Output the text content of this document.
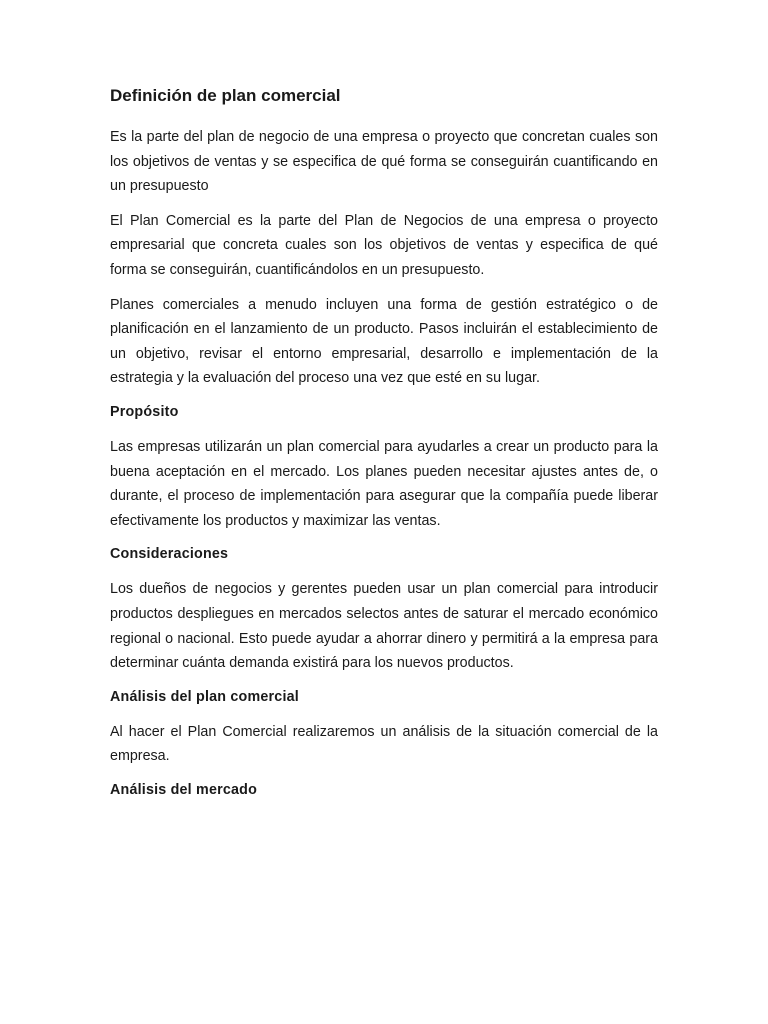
Definición de plan comercial

Es la parte del plan de negocio de una empresa o proyecto que concretan cuales son los objetivos de ventas y se especifica de qué forma se conseguirán cuantificando en un presupuesto

El Plan Comercial es la parte del Plan de Negocios de una empresa o proyecto empresarial que concreta cuales son los objetivos de ventas y especifica de qué forma se conseguirán, cuantificándolos en un presupuesto.

Planes comerciales a menudo incluyen una forma de gestión estratégico o de planificación en el lanzamiento de un producto. Pasos incluirán el establecimiento de un objetivo, revisar el entorno empresarial, desarrollo e implementación de la estrategia y la evaluación del proceso una vez que esté en su lugar.

Propósito

Las empresas utilizarán un plan comercial para ayudarles a crear un producto para la buena aceptación en el mercado. Los planes pueden necesitar ajustes antes de, o durante, el proceso de implementación para asegurar que la compañía puede liberar efectivamente los productos y maximizar las ventas.

Consideraciones

Los dueños de negocios y gerentes pueden usar un plan comercial para introducir productos despliegues en mercados selectos antes de saturar el mercado económico regional o nacional. Esto puede ayudar a ahorrar dinero y permitirá a la empresa para determinar cuánta demanda existirá para los nuevos productos.

Análisis del plan comercial

Al hacer el Plan Comercial realizaremos un análisis de la situación comercial de la empresa.

Análisis del mercado
